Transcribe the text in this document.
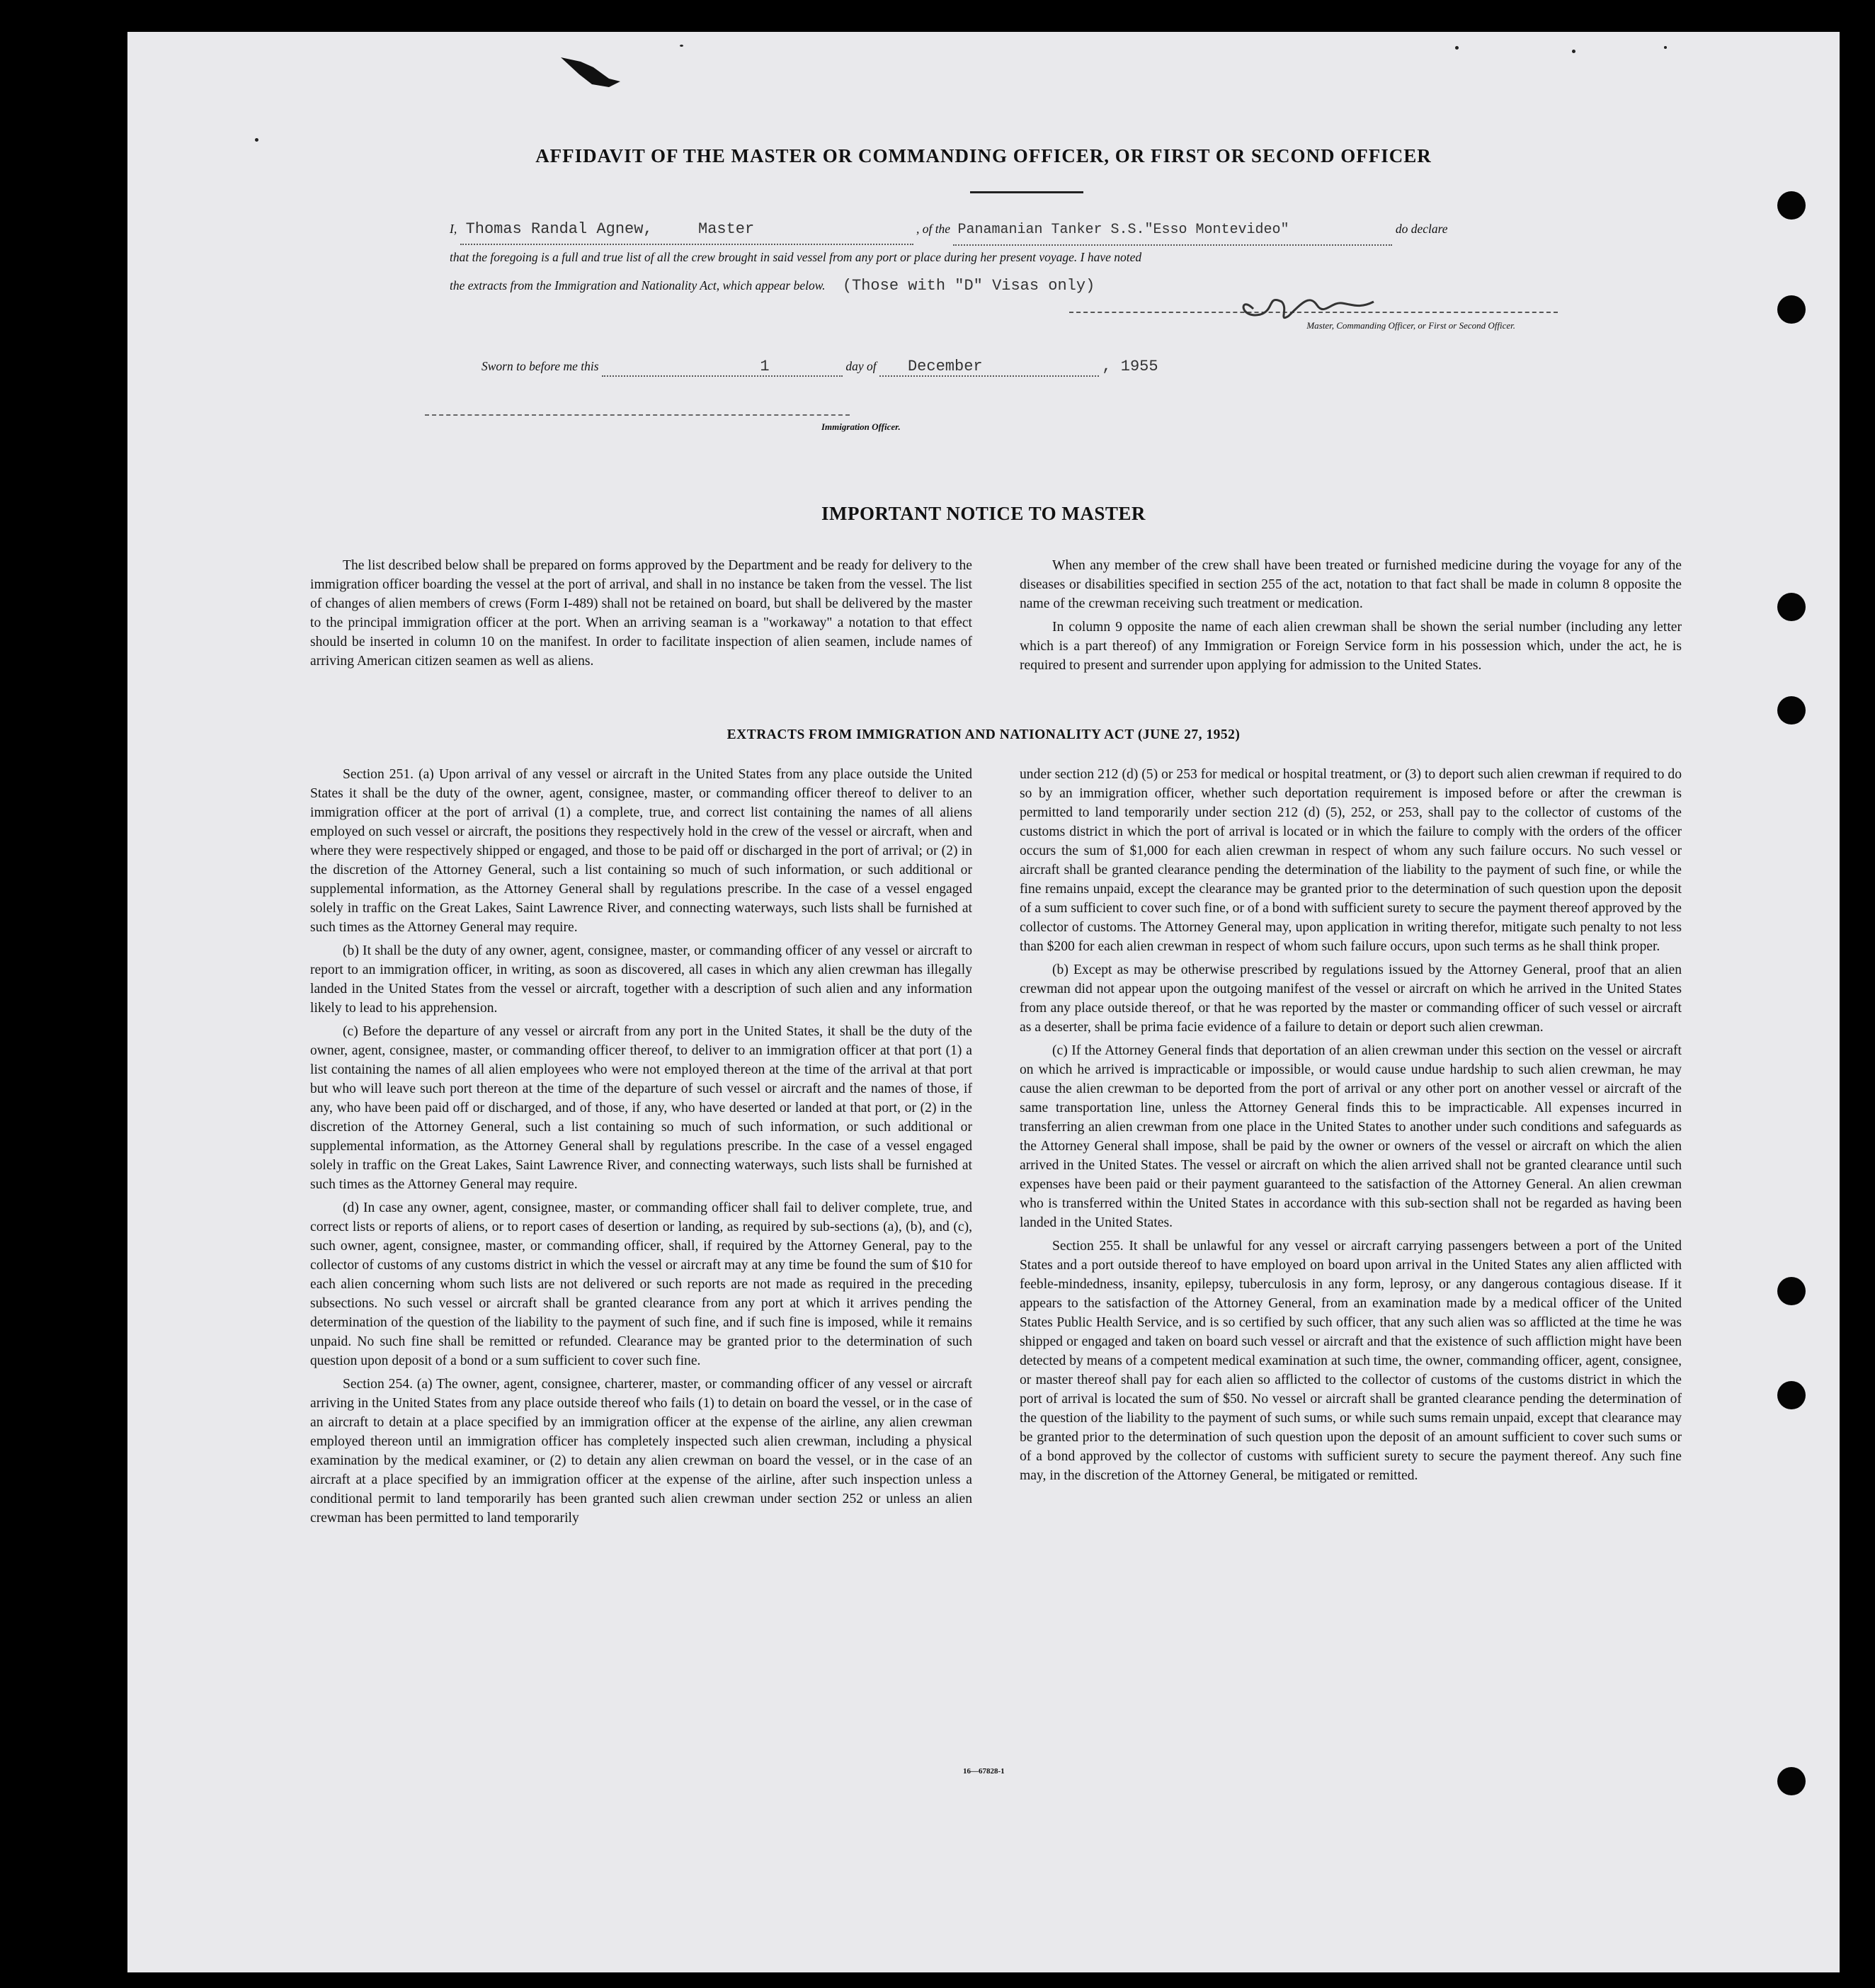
AFFIDAVIT OF THE MASTER OR COMMANDING OFFICER, OR FIRST OR SECOND OFFICER
I, Thomas Randal Agnew,	Master	, of the Panamanian Tanker S.S."Esso Montevideo"	do declare
that the foregoing is a full and true list of all the crew brought in said vessel from any port or place during her present voyage. I have noted
the extracts from the Immigration and Nationality Act, which appear below. (Those with "D" Visas only)
Master, Commanding Officer, or First or Second Officer.
Sworn to before me this	1	day of December	, 1955
Immigration Officer.
IMPORTANT NOTICE TO MASTER

The list described below shall be prepared on forms approved by the Department and be ready for delivery to the immigration officer boarding the vessel at the port of arrival, and shall in no instance be taken from the vessel. The list of changes of alien members of crews (Form I-489) shall not be retained on board, but shall be delivered by the master to the principal immigration officer at the port. When an arriving seaman is a "workaway" a notation to that effect should be inserted in column 10 on the manifest. In order to facilitate inspection of alien seamen, include names of arriving American citizen seamen as well as aliens.

When any member of the crew shall have been treated or furnished medicine during the voyage for any of the diseases or disabilities specified in section 255 of the act, notation to that fact shall be made in column 8 opposite the name of the crewman receiving such treatment or medication.

In column 9 opposite the name of each alien crewman shall be shown the serial number (including any letter which is a part thereof) of any Immigration or Foreign Service form in his possession which, under the act, he is required to present and surrender upon applying for admission to the United States.

EXTRACTS FROM IMMIGRATION AND NATIONALITY ACT (JUNE 27, 1952)

Section 251. (a) Upon arrival of any vessel or aircraft in the United States from any place outside the United States it shall be the duty of the owner, agent, consignee, master, or commanding officer thereof to deliver to an immigration officer at the port of arrival (1) a complete, true, and correct list containing the names of all aliens employed on such vessel or aircraft, the positions they respectively hold in the crew of the vessel or aircraft, when and where they were respectively shipped or engaged, and those to be paid off or discharged in the port of arrival; or (2) in the discretion of the Attorney General, such a list containing so much of such information, or such additional or supplemental information, as the Attorney General shall by regulations prescribe. In the case of a vessel engaged solely in traffic on the Great Lakes, Saint Lawrence River, and connecting waterways, such lists shall be furnished at such times as the Attorney General may require.

(b) It shall be the duty of any owner, agent, consignee, master, or commanding officer of any vessel or aircraft to report to an immigration officer, in writing, as soon as discovered, all cases in which any alien crewman has illegally landed in the United States from the vessel or aircraft, together with a description of such alien and any information likely to lead to his apprehension.

(c) Before the departure of any vessel or aircraft from any port in the United States, it shall be the duty of the owner, agent, consignee, master, or commanding officer thereof, to deliver to an immigration officer at that port (1) a list containing the names of all alien employees who were not employed thereon at the time of the arrival at that port but who will leave such port thereon at the time of the departure of such vessel or aircraft and the names of those, if any, who have been paid off or discharged, and of those, if any, who have deserted or landed at that port, or (2) in the discretion of the Attorney General, such a list containing so much of such information, or such additional or supplemental information, as the Attorney General shall by regulations prescribe. In the case of a vessel engaged solely in traffic on the Great Lakes, Saint Lawrence River, and connecting waterways, such lists shall be furnished at such times as the Attorney General may require.

(d) In case any owner, agent, consignee, master, or commanding officer shall fail to deliver complete, true, and correct lists or reports of aliens, or to report cases of desertion or landing, as required by sub-sections (a), (b), and (c), such owner, agent, consignee, master, or commanding officer, shall, if required by the Attorney General, pay to the collector of customs of any customs district in which the vessel or aircraft may at any time be found the sum of $10 for each alien concerning whom such lists are not delivered or such reports are not made as required in the preceding subsections. No such vessel or aircraft shall be granted clearance from any port at which it arrives pending the determination of the question of the liability to the payment of such fine, and if such fine is imposed, while it remains unpaid. No such fine shall be remitted or refunded. Clearance may be granted prior to the determination of such question upon deposit of a bond or a sum sufficient to cover such fine.

Section 254. (a) The owner, agent, consignee, charterer, master, or commanding officer of any vessel or aircraft arriving in the United States from any place outside thereof who fails (1) to detain on board the vessel, or in the case of an aircraft to detain at a place specified by an immigration officer at the expense of the airline, any alien crewman employed thereon until an immigration officer has completely inspected such alien crewman, including a physical examination by the medical examiner, or (2) to detain any alien crewman on board the vessel, or in the case of an aircraft at a place specified by an immigration officer at the expense of the airline, after such inspection unless a conditional permit to land temporarily has been granted such alien crewman under section 252 or unless an alien crewman has been permitted to land temporarily

under section 212 (d) (5) or 253 for medical or hospital treatment, or (3) to deport such alien crewman if required to do so by an immigration officer, whether such deportation requirement is imposed before or after the crewman is permitted to land temporarily under section 212 (d) (5), 252, or 253, shall pay to the collector of customs of the customs district in which the port of arrival is located or in which the failure to comply with the orders of the officer occurs the sum of $1,000 for each alien crewman in respect of whom any such failure occurs. No such vessel or aircraft shall be granted clearance pending the determination of the liability to the payment of such fine, or while the fine remains unpaid, except the clearance may be granted prior to the determination of such question upon the deposit of a sum sufficient to cover such fine, or of a bond with sufficient surety to secure the payment thereof approved by the collector of customs. The Attorney General may, upon application in writing therefor, mitigate such penalty to not less than $200 for each alien crewman in respect of whom such failure occurs, upon such terms as he shall think proper.

(b) Except as may be otherwise prescribed by regulations issued by the Attorney General, proof that an alien crewman did not appear upon the outgoing manifest of the vessel or aircraft on which he arrived in the United States from any place outside thereof, or that he was reported by the master or commanding officer of such vessel or aircraft as a deserter, shall be prima facie evidence of a failure to detain or deport such alien crewman.

(c) If the Attorney General finds that deportation of an alien crewman under this section on the vessel or aircraft on which he arrived is impracticable or impossible, or would cause undue hardship to such alien crewman, he may cause the alien crewman to be deported from the port of arrival or any other port on another vessel or aircraft of the same transportation line, unless the Attorney General finds this to be impracticable. All expenses incurred in transferring an alien crewman from one place in the United States to another under such conditions and safeguards as the Attorney General shall impose, shall be paid by the owner or owners of the vessel or aircraft on which the alien arrived in the United States. The vessel or aircraft on which the alien arrived shall not be granted clearance until such expenses have been paid or their payment guaranteed to the satisfaction of the Attorney General. An alien crewman who is transferred within the United States in accordance with this sub-section shall not be regarded as having been landed in the United States.

Section 255. It shall be unlawful for any vessel or aircraft carrying passengers between a port of the United States and a port outside thereof to have employed on board upon arrival in the United States any alien afflicted with feeble-mindedness, insanity, epilepsy, tuberculosis in any form, leprosy, or any dangerous contagious disease. If it appears to the satisfaction of the Attorney General, from an examination made by a medical officer of the United States Public Health Service, and is so certified by such officer, that any such alien was so afflicted at the time he was shipped or engaged and taken on board such vessel or aircraft and that the existence of such affliction might have been detected by means of a competent medical examination at such time, the owner, commanding officer, agent, consignee, or master thereof shall pay for each alien so afflicted to the collector of customs of the customs district in which the port of arrival is located the sum of $50. No vessel or aircraft shall be granted clearance pending the determination of the question of the liability to the payment of such sums, or while such sums remain unpaid, except that clearance may be granted prior to the determination of such question upon the deposit of an amount sufficient to cover such sums or of a bond approved by the collector of customs with sufficient surety to secure the payment thereof. Any such fine may, in the discretion of the Attorney General, be mitigated or remitted.

16—67828-1
